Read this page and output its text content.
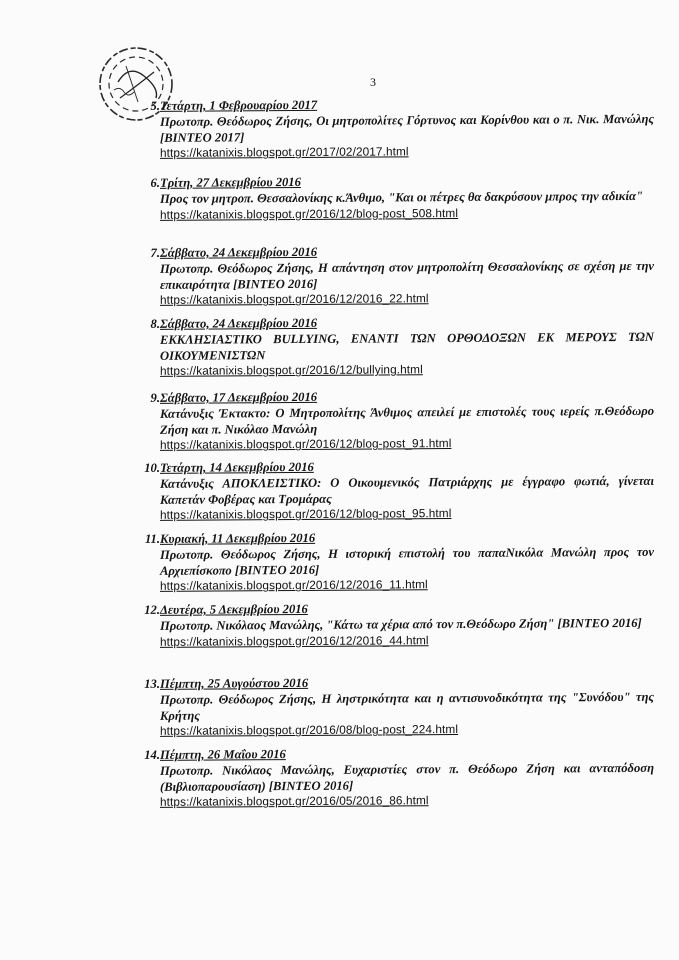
3
5. Τετάρτη, 1 Φεβρουαρίου 2017
Πρωτοπρ. Θεόδωρος Ζήσης, Οι μητροπολίτες Γόρτυνος και Κορίνθου και ο π. Νικ. Μανώλης [ΒΙΝΤΕΟ 2017]
https://katanixis.blogspot.gr/2017/02/2017.html
6. Τρίτη, 27 Δεκεμβρίου 2016
Προς τον μητροπ. Θεσσαλονίκης κ.Άνθιμο, "Και οι πέτρες θα δακρύσουν μπρος την αδικία"
https://katanixis.blogspot.gr/2016/12/blog-post_508.html
7. Σάββατο, 24 Δεκεμβρίου 2016
Πρωτοπρ. Θεόδωρος Ζήσης, Η απάντηση στον μητροπολίτη Θεσσαλονίκης σε σχέση με την επικαιρότητα [ΒΙΝΤΕΟ 2016]
https://katanixis.blogspot.gr/2016/12/2016_22.html
8. Σάββατο, 24 Δεκεμβρίου 2016
ΕΚΚΛΗΣΙΑΣΤΙΚΟ BULLYING, ΕΝΑΝΤΙ ΤΩΝ ΟΡΘΟΔΟΞΩΝ ΕΚ ΜΕΡΟΥΣ ΤΩΝ ΟΙΚΟΥΜΕΝΙΣΤΩΝ
https://katanixis.blogspot.gr/2016/12/bullying.html
9. Σάββατο, 17 Δεκεμβρίου 2016
Κατάνυξις Έκτακτο: Ο Μητροπολίτης Άνθιμος απειλεί με επιστολές τους ιερείς π.Θεόδωρο Ζήση και π. Νικόλαο Μανώλη
https://katanixis.blogspot.gr/2016/12/blog-post_91.html
10. Τετάρτη, 14 Δεκεμβρίου 2016
Κατάνυξις ΑΠΟΚΛΕΙΣΤΙΚΟ: Ο Οικουμενικός Πατριάρχης με έγγραφο φωτιά, γίνεται Καπετάν Φοβέρας και Τρομάρας
https://katanixis.blogspot.gr/2016/12/blog-post_95.html
11. Κυριακή, 11 Δεκεμβρίου 2016
Πρωτοπρ. Θεόδωρος Ζήσης, Η ιστορική επιστολή του παπαΝικόλα Μανώλη προς τον Αρχιεπίσκοπο [ΒΙΝΤΕΟ 2016]
https://katanixis.blogspot.gr/2016/12/2016_11.html
12. Δευτέρα, 5 Δεκεμβρίου 2016
Πρωτοπρ. Νικόλαος Μανώλης, "Κάτω τα χέρια από τον π.Θεόδωρο Ζήση" [ΒΙΝΤΕΟ 2016]
https://katanixis.blogspot.gr/2016/12/2016_44.html
13. Πέμπτη, 25 Αυγούστου 2016
Πρωτοπρ. Θεόδωρος Ζήσης, Η ληστρικότητα και η αντισυνοδικότητα της "Συνόδου" της Κρήτης
https://katanixis.blogspot.gr/2016/08/blog-post_224.html
14. Πέμπτη, 26 Μαΐου 2016
Πρωτοπρ. Νικόλαος Μανώλης, Ευχαριστίες στον π. Θεόδωρο Ζήση και ανταπόδοση (Βιβλιοπαρουσίαση) [ΒΙΝΤΕΟ 2016]
https://katanixis.blogspot.gr/2016/05/2016_86.html
